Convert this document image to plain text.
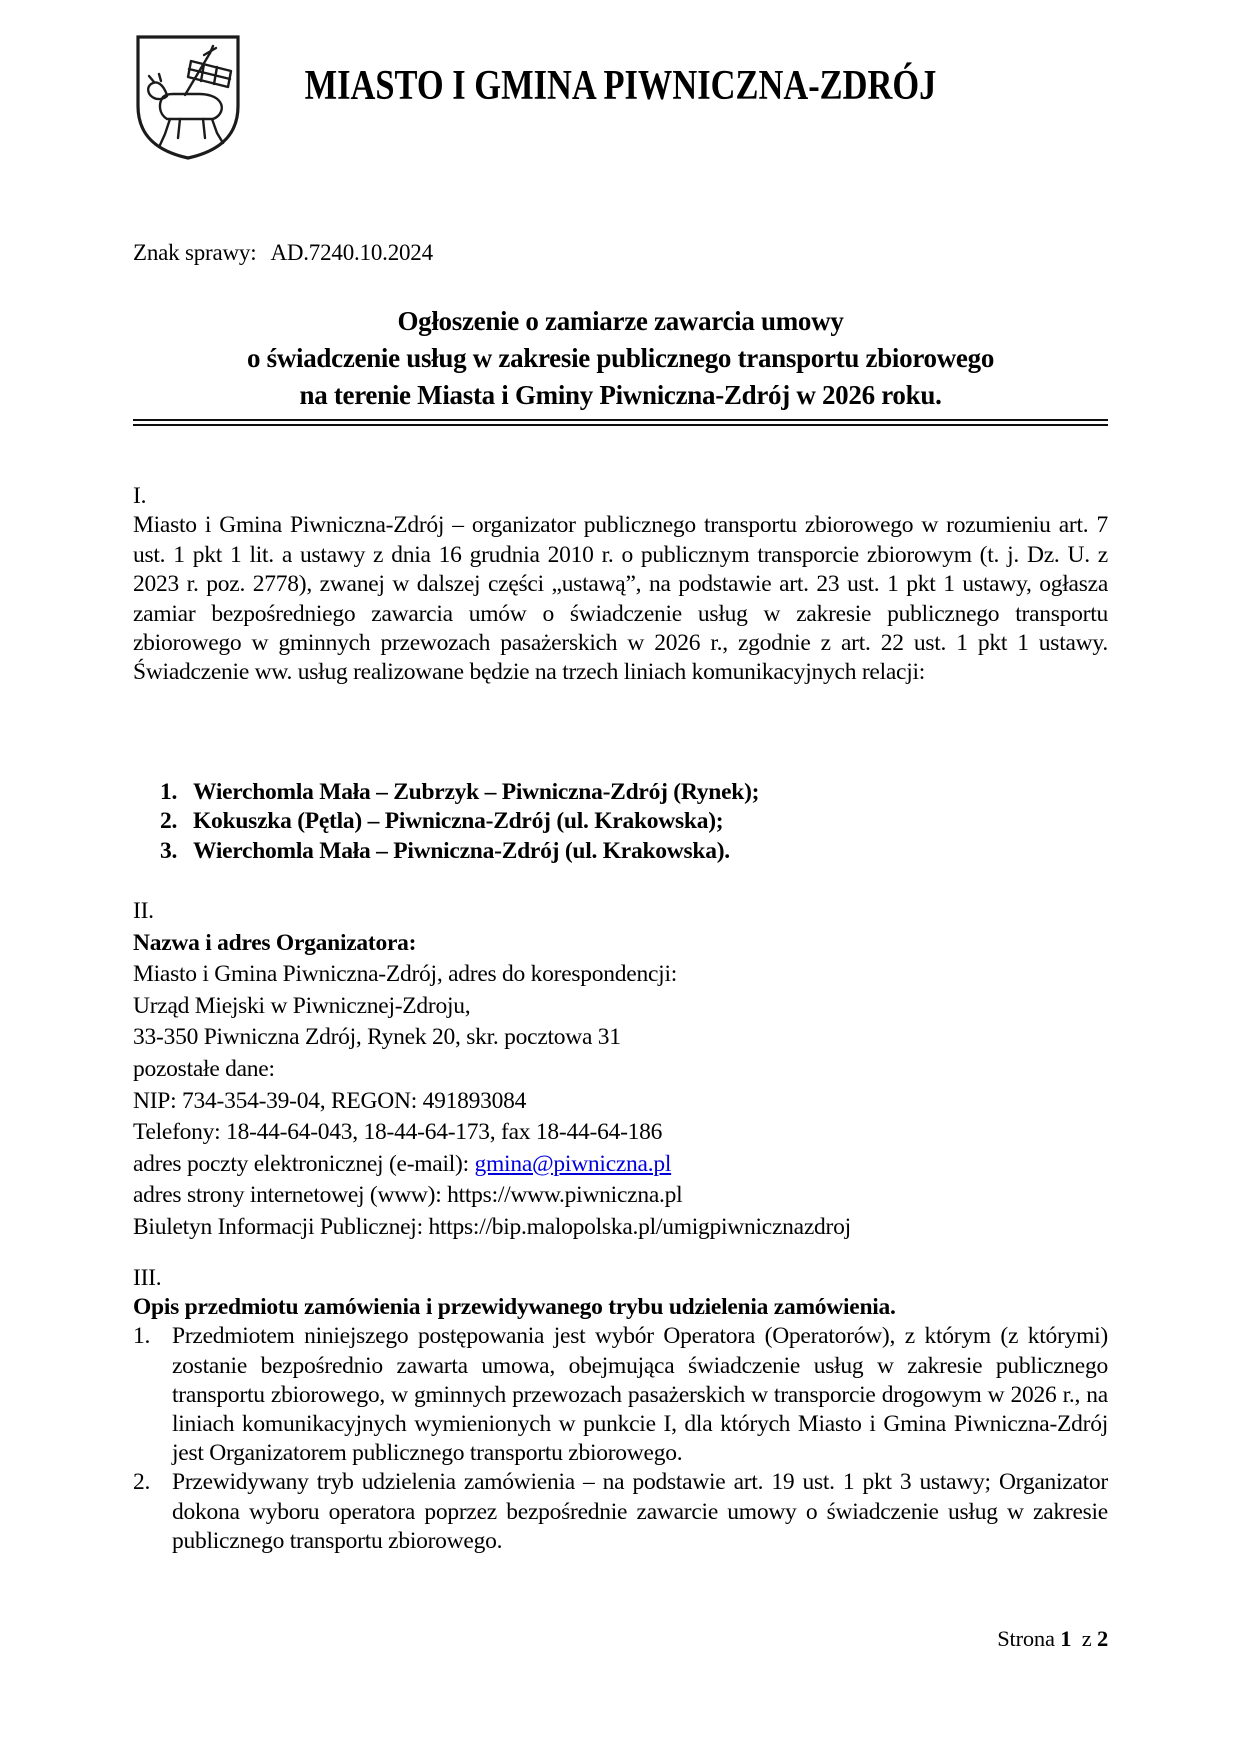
MIASTO I GMINA PIWNICZNA-ZDRÓJ
Znak sprawy: AD.7240.10.2024
Ogłoszenie o zamiarze zawarcia umowy
o świadczenie usług w zakresie publicznego transportu zbiorowego
na terenie Miasta i Gminy Piwniczna-Zdrój w 2026 roku.
I.

Miasto i Gmina Piwniczna-Zdrój – organizator publicznego transportu zbiorowego w rozumieniu art. 7 ust. 1 pkt 1 lit. a ustawy z dnia 16 grudnia 2010 r. o publicznym transporcie zbiorowym (t. j. Dz. U. z 2023 r. poz. 2778), zwanej w dalszej części „ustawą”, na podstawie art. 23 ust. 1 pkt 1 ustawy, ogłasza zamiar bezpośredniego zawarcia umów o świadczenie usług w zakresie publicznego transportu zbiorowego w gminnych przewozach pasażerskich w 2026 r., zgodnie z art. 22 ust. 1 pkt 1 ustawy. Świadczenie ww. usług realizowane będzie na trzech liniach komunikacyjnych relacji:

1. Wierchomla Mała – Zubrzyk – Piwniczna-Zdrój (Rynek);
2. Kokuszka (Pętla) – Piwniczna-Zdrój (ul. Krakowska);
3. Wierchomla Mała – Piwniczna-Zdrój (ul. Krakowska).
II.
Nazwa i adres Organizatora:
Miasto i Gmina Piwniczna-Zdrój, adres do korespondencji:
Urząd Miejski w Piwnicznej-Zdroju,
33-350 Piwniczna Zdrój, Rynek 20, skr. pocztowa 31
pozostałe dane:
NIP: 734-354-39-04, REGON: 491893084
Telefony: 18-44-64-043, 18-44-64-173, fax 18-44-64-186
adres poczty elektronicznej (e-mail): gmina@piwniczna.pl
adres strony internetowej (www): https://www.piwniczna.pl
Biuletyn Informacji Publicznej: https://bip.malopolska.pl/umigpiwnicznazdroj
III.
Opis przedmiotu zamówienia i przewidywanego trybu udzielenia zamówienia.
1. Przedmiotem niniejszego postępowania jest wybór Operatora (Operatorów), z którym (z którymi) zostanie bezpośrednio zawarta umowa, obejmująca świadczenie usług w zakresie publicznego transportu zbiorowego, w gminnych przewozach pasażerskich w transporcie drogowym w 2026 r., na liniach komunikacyjnych wymienionych w punkcie I, dla których Miasto i Gmina Piwniczna-Zdrój jest Organizatorem publicznego transportu zbiorowego.

2. Przewidywany tryb udzielenia zamówienia – na podstawie art. 19 ust. 1 pkt 3 ustawy; Organizator dokona wyboru operatora poprzez bezpośrednie zawarcie umowy o świadczenie usług w zakresie publicznego transportu zbiorowego.

Strona 1 z 2
